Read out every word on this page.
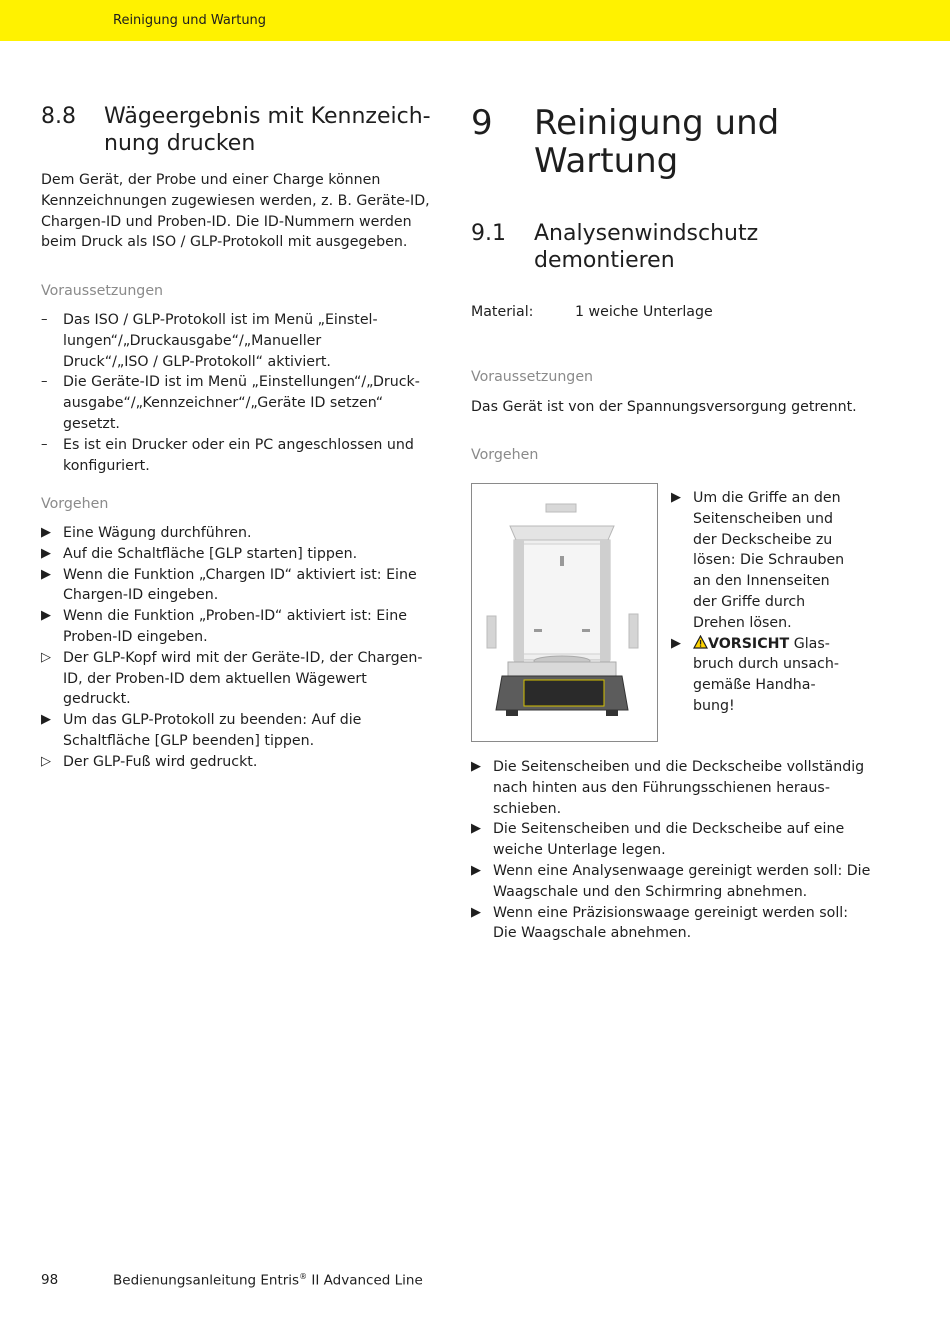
Reinigung und Wartung
8.8 Wägeergebnis mit Kennzeich-
nung drucken
Dem Gerät, der Probe und einer Charge können
Kennzeichnungen zugewiesen werden, z. B. Geräte-ID,
Chargen-ID und Proben-ID. Die ID-Nummern werden
beim Druck als ISO / GLP-Protokoll mit ausgegeben.
Voraussetzungen
– Das ISO / GLP-Protokoll ist im Menü „Einstel-
lungen“/„Druckausgabe“/„Manueller
Druck“/„ISO / GLP-Protokoll“ aktiviert.
– Die Geräte-ID ist im Menü „Einstellungen“/„Druck-
ausgabe“/„Kennzeichner“/„Geräte ID setzen“
gesetzt.
– Es ist ein Drucker oder ein PC angeschlossen und
konfiguriert.
Vorgehen
▶ Eine Wägung durchführen.
▶ Auf die Schaltfläche [GLP starten] tippen.
▶ Wenn die Funktion „Chargen ID“ aktiviert ist: Eine
Chargen-ID eingeben.
▶ Wenn die Funktion „Proben-ID“ aktiviert ist: Eine
Proben-ID eingeben.
▷ Der GLP-Kopf wird mit der Geräte-ID, der Chargen-
ID, der Proben-ID dem aktuellen Wägewert
gedruckt.
▶ Um das GLP-Protokoll zu beenden: Auf die
Schaltfläche [GLP beenden] tippen.
▷ Der GLP-Fuß wird gedruckt.
9 Reinigung und
Wartung
9.1 Analysenwindschutz
demontieren
Material:	1 weiche Unterlage
Voraussetzungen
Das Gerät ist von der Spannungsversorgung getrennt.
Vorgehen
▶ Um die Griffe an den
Seitenscheiben und
der Deckscheibe zu
lösen: Die Schrauben
an den Innenseiten
der Griffe durch
Drehen lösen.
▶	VORSICHT Glas-
bruch durch unsach-
gemäße Handha-
bung!
▶ Die Seitenscheiben und die Deckscheibe vollständig
nach hinten aus den Führungsschienen heraus-
schieben.
▶ Die Seitenscheiben und die Deckscheibe auf eine
weiche Unterlage legen.
▶ Wenn eine Analysenwaage gereinigt werden soll: Die
Waagschale und den Schirmring abnehmen.
▶ Wenn eine Präzisionswaage gereinigt werden soll:
Die Waagschale abnehmen.
98	Bedienungsanleitung Entris® II Advanced Line
